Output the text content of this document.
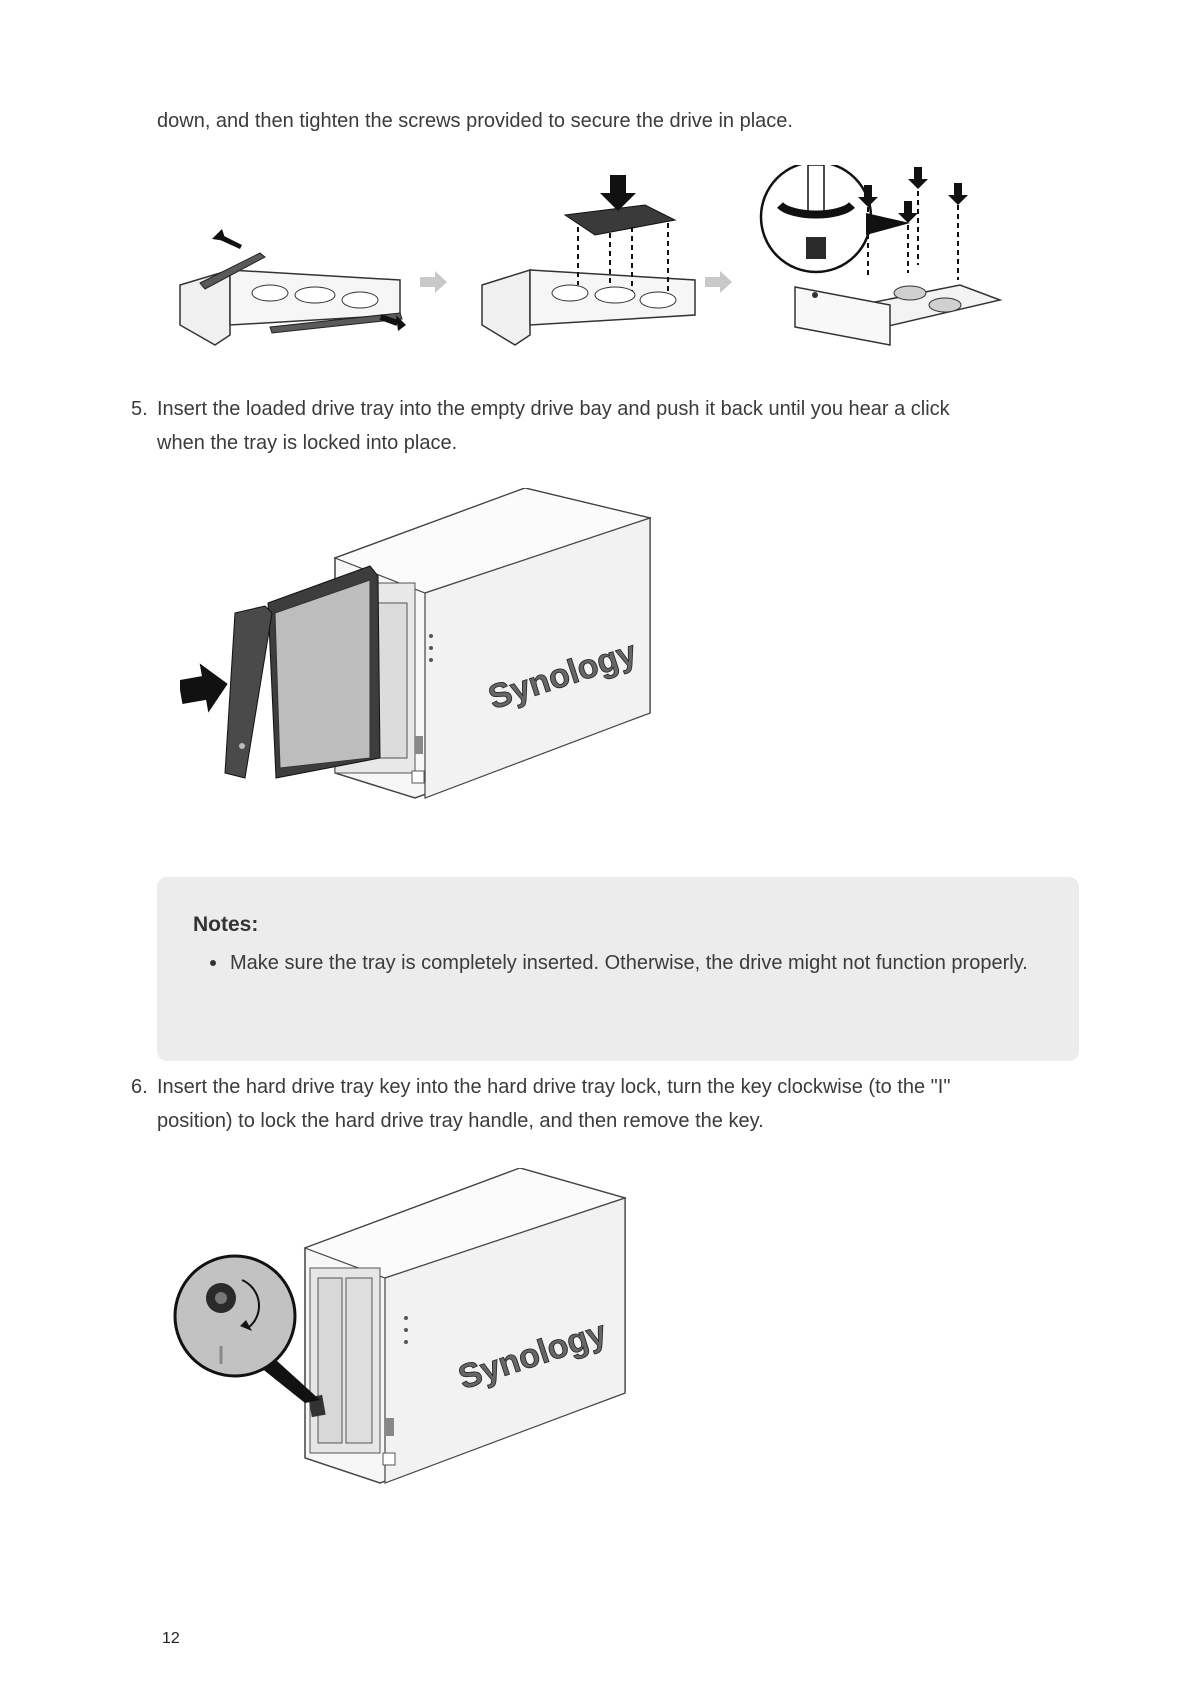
down, and then tighten the screws provided to secure the drive in place.
5. Insert the loaded drive tray into the empty drive bay and push it back until you hear a click
when the tray is locked into place.
Synology
Notes:
Make sure the tray is completely inserted. Otherwise, the drive might not function properly.
6. Insert the hard drive tray key into the hard drive tray lock, turn the key clockwise (to the "I"
position) to lock the hard drive tray handle, and then remove the key.
Synology
12
